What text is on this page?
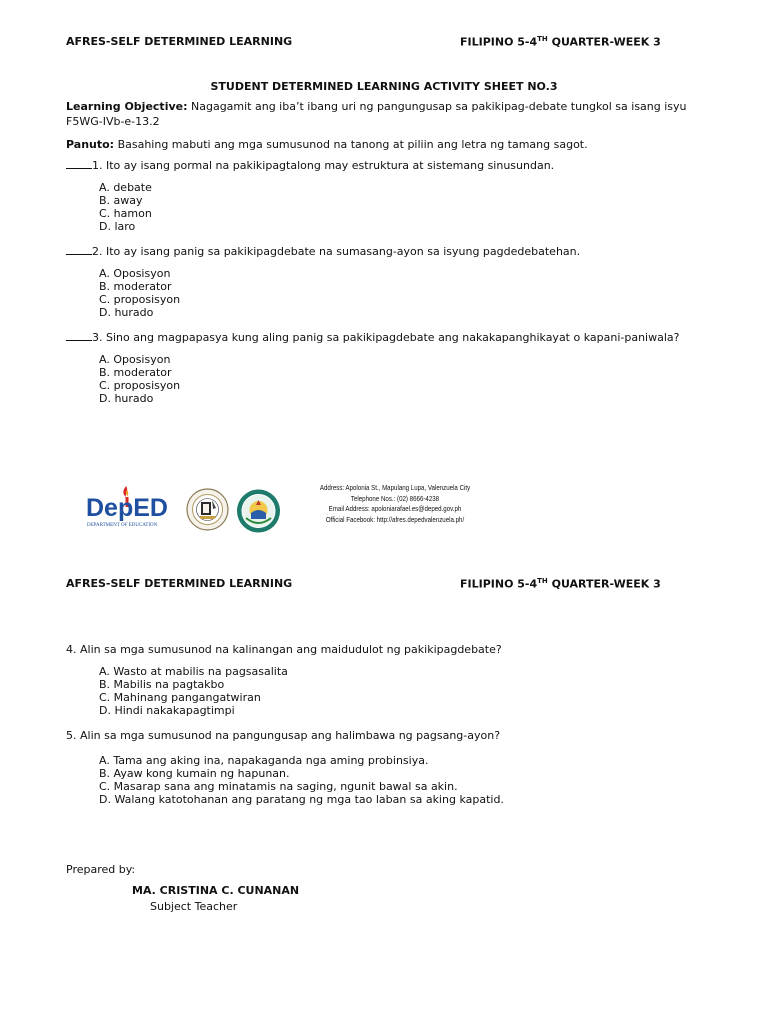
AFRES-SELF DETERMINED LEARNING	FILIPINO 5-4TH QUARTER-WEEK 3
STUDENT DETERMINED LEARNING ACTIVITY SHEET NO.3
Learning Objective: Nagagamit ang iba’t ibang uri ng pangungusap sa pakikipag-debate tungkol sa isang isyu
F5WG-IVb-e-13.2
Panuto: Basahing mabuti ang mga sumusunod na tanong at piliin ang letra ng tamang sagot.
1. Ito ay isang pormal na pakikipagtalong may estruktura at sistemang sinusundan.
A. debate
B. away
C. hamon
D. laro
2. Ito ay isang panig sa pakikipagdebate na sumasang-ayon sa isyung pagdedebatehan.
A. Oposisyon
B. moderator
C. proposisyon
D. hurado
3. Sino ang magpapasya kung aling panig sa pakikipagdebate ang nakakapanghikayat o kapani-paniwala?
A. Oposisyon
B. moderator
C. proposisyon
D. hurado
DepED
DEPARTMENT OF EDUCATION
Address: Apolonia St., Mapulang Lupa, Valenzuela City
Telephone Nos.: (02) 8666-4238
Email Address: apoloniarafael.es@deped.gov.ph
Official Facebook: http://afres.depedvalenzuela.ph/
AFRES-SELF DETERMINED LEARNING	FILIPINO 5-4TH QUARTER-WEEK 3
4. Alin sa mga sumusunod na kalinangan ang maidudulot ng pakikipagdebate?
A. Wasto at mabilis na pagsasalita
B. Mabilis na pagtakbo
C. Mahinang pangangatwiran
D. Hindi nakakapagtimpi
5. Alin sa mga sumusunod na pangungusap ang halimbawa ng pagsang-ayon?
A. Tama ang aking ina, napakaganda nga aming probinsiya.
B. Ayaw kong kumain ng hapunan.
C. Masarap sana ang minatamis na saging, ngunit bawal sa akin.
D. Walang katotohanan ang paratang ng mga tao laban sa aking kapatid.
Prepared by:
MA. CRISTINA C. CUNANAN
Subject Teacher
